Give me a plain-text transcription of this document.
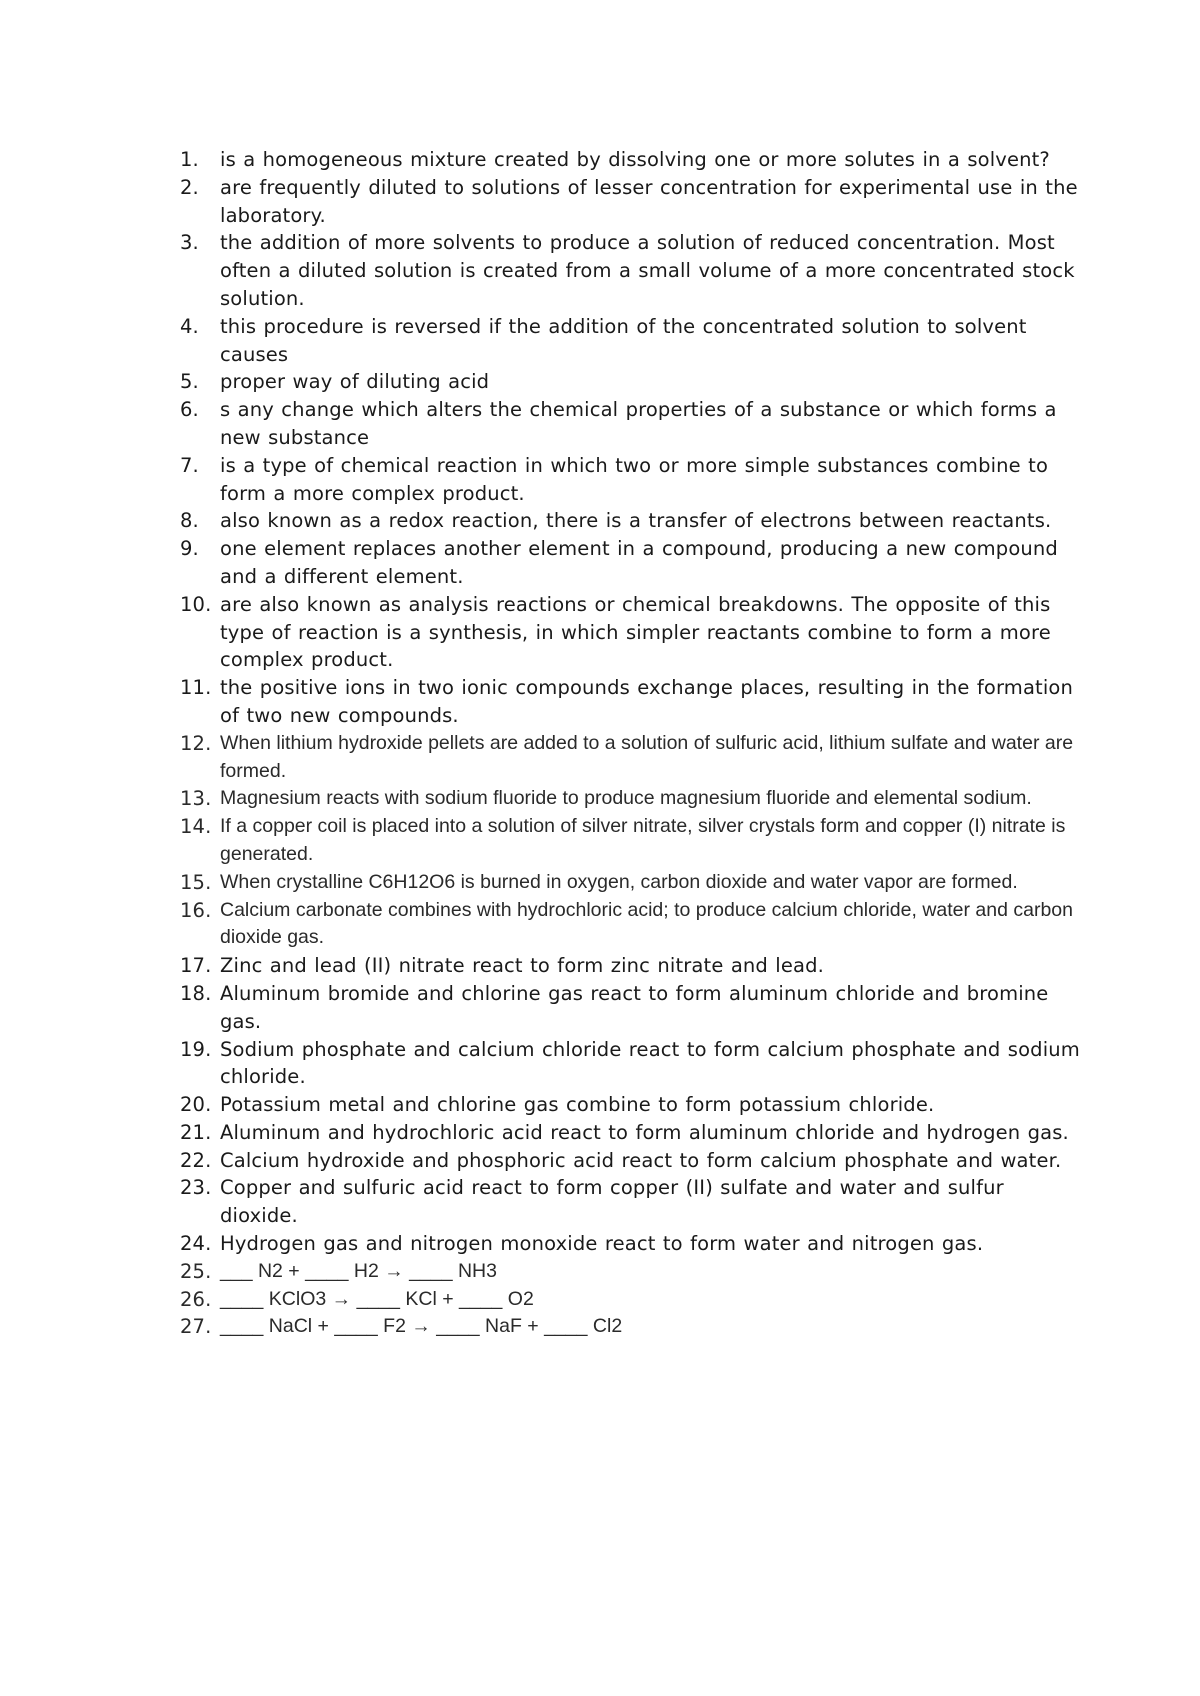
1. is a homogeneous mixture created by dissolving one or more solutes in a solvent?
2. are frequently diluted to solutions of lesser concentration for experimental use in the laboratory.
3. the addition of more solvents to produce a solution of reduced concentration. Most often a diluted solution is created from a small volume of a more concentrated stock solution.
4. this procedure is reversed if the addition of the concentrated solution to solvent causes
5. proper way of diluting acid
6. s any change which alters the chemical properties of a substance or which forms a new substance
7. is a type of chemical reaction in which two or more simple substances combine to form a more complex product.
8. also known as a redox reaction, there is a transfer of electrons between reactants.
9. one element replaces another element in a compound, producing a new compound and a different element.
10. are also known as analysis reactions or chemical breakdowns. The opposite of this type of reaction is a synthesis, in which simpler reactants combine to form a more complex product.
11. the positive ions in two ionic compounds exchange places, resulting in the formation of two new compounds.
12. When lithium hydroxide pellets are added to a solution of sulfuric acid, lithium sulfate and water are formed.
13. Magnesium reacts with sodium fluoride to produce magnesium fluoride and elemental sodium.
14. If a copper coil is placed into a solution of silver nitrate, silver crystals form and copper (I) nitrate is generated.
15. When crystalline C6H12O6 is burned in oxygen, carbon dioxide and water vapor are formed.
16. Calcium carbonate combines with hydrochloric acid; to produce calcium chloride, water and carbon dioxide gas.
17. Zinc and lead (II) nitrate react to form zinc nitrate and lead.
18. Aluminum bromide and chlorine gas react to form aluminum chloride and bromine gas.
19. Sodium phosphate and calcium chloride react to form calcium phosphate and sodium chloride.
20. Potassium metal and chlorine gas combine to form potassium chloride.
21. Aluminum and hydrochloric acid react to form aluminum chloride and hydrogen gas.
22. Calcium hydroxide and phosphoric acid react to form calcium phosphate and water.
23. Copper and sulfuric acid react to form copper (II) sulfate and water and sulfur dioxide.
24. Hydrogen gas and nitrogen monoxide react to form water and nitrogen gas.
25. ___ N2 + ____ H2 → ____ NH3
26. ____ KClO3 → ____ KCl + ____ O2
27. ____ NaCl + ____ F2 → ____ NaF + ____ Cl2
